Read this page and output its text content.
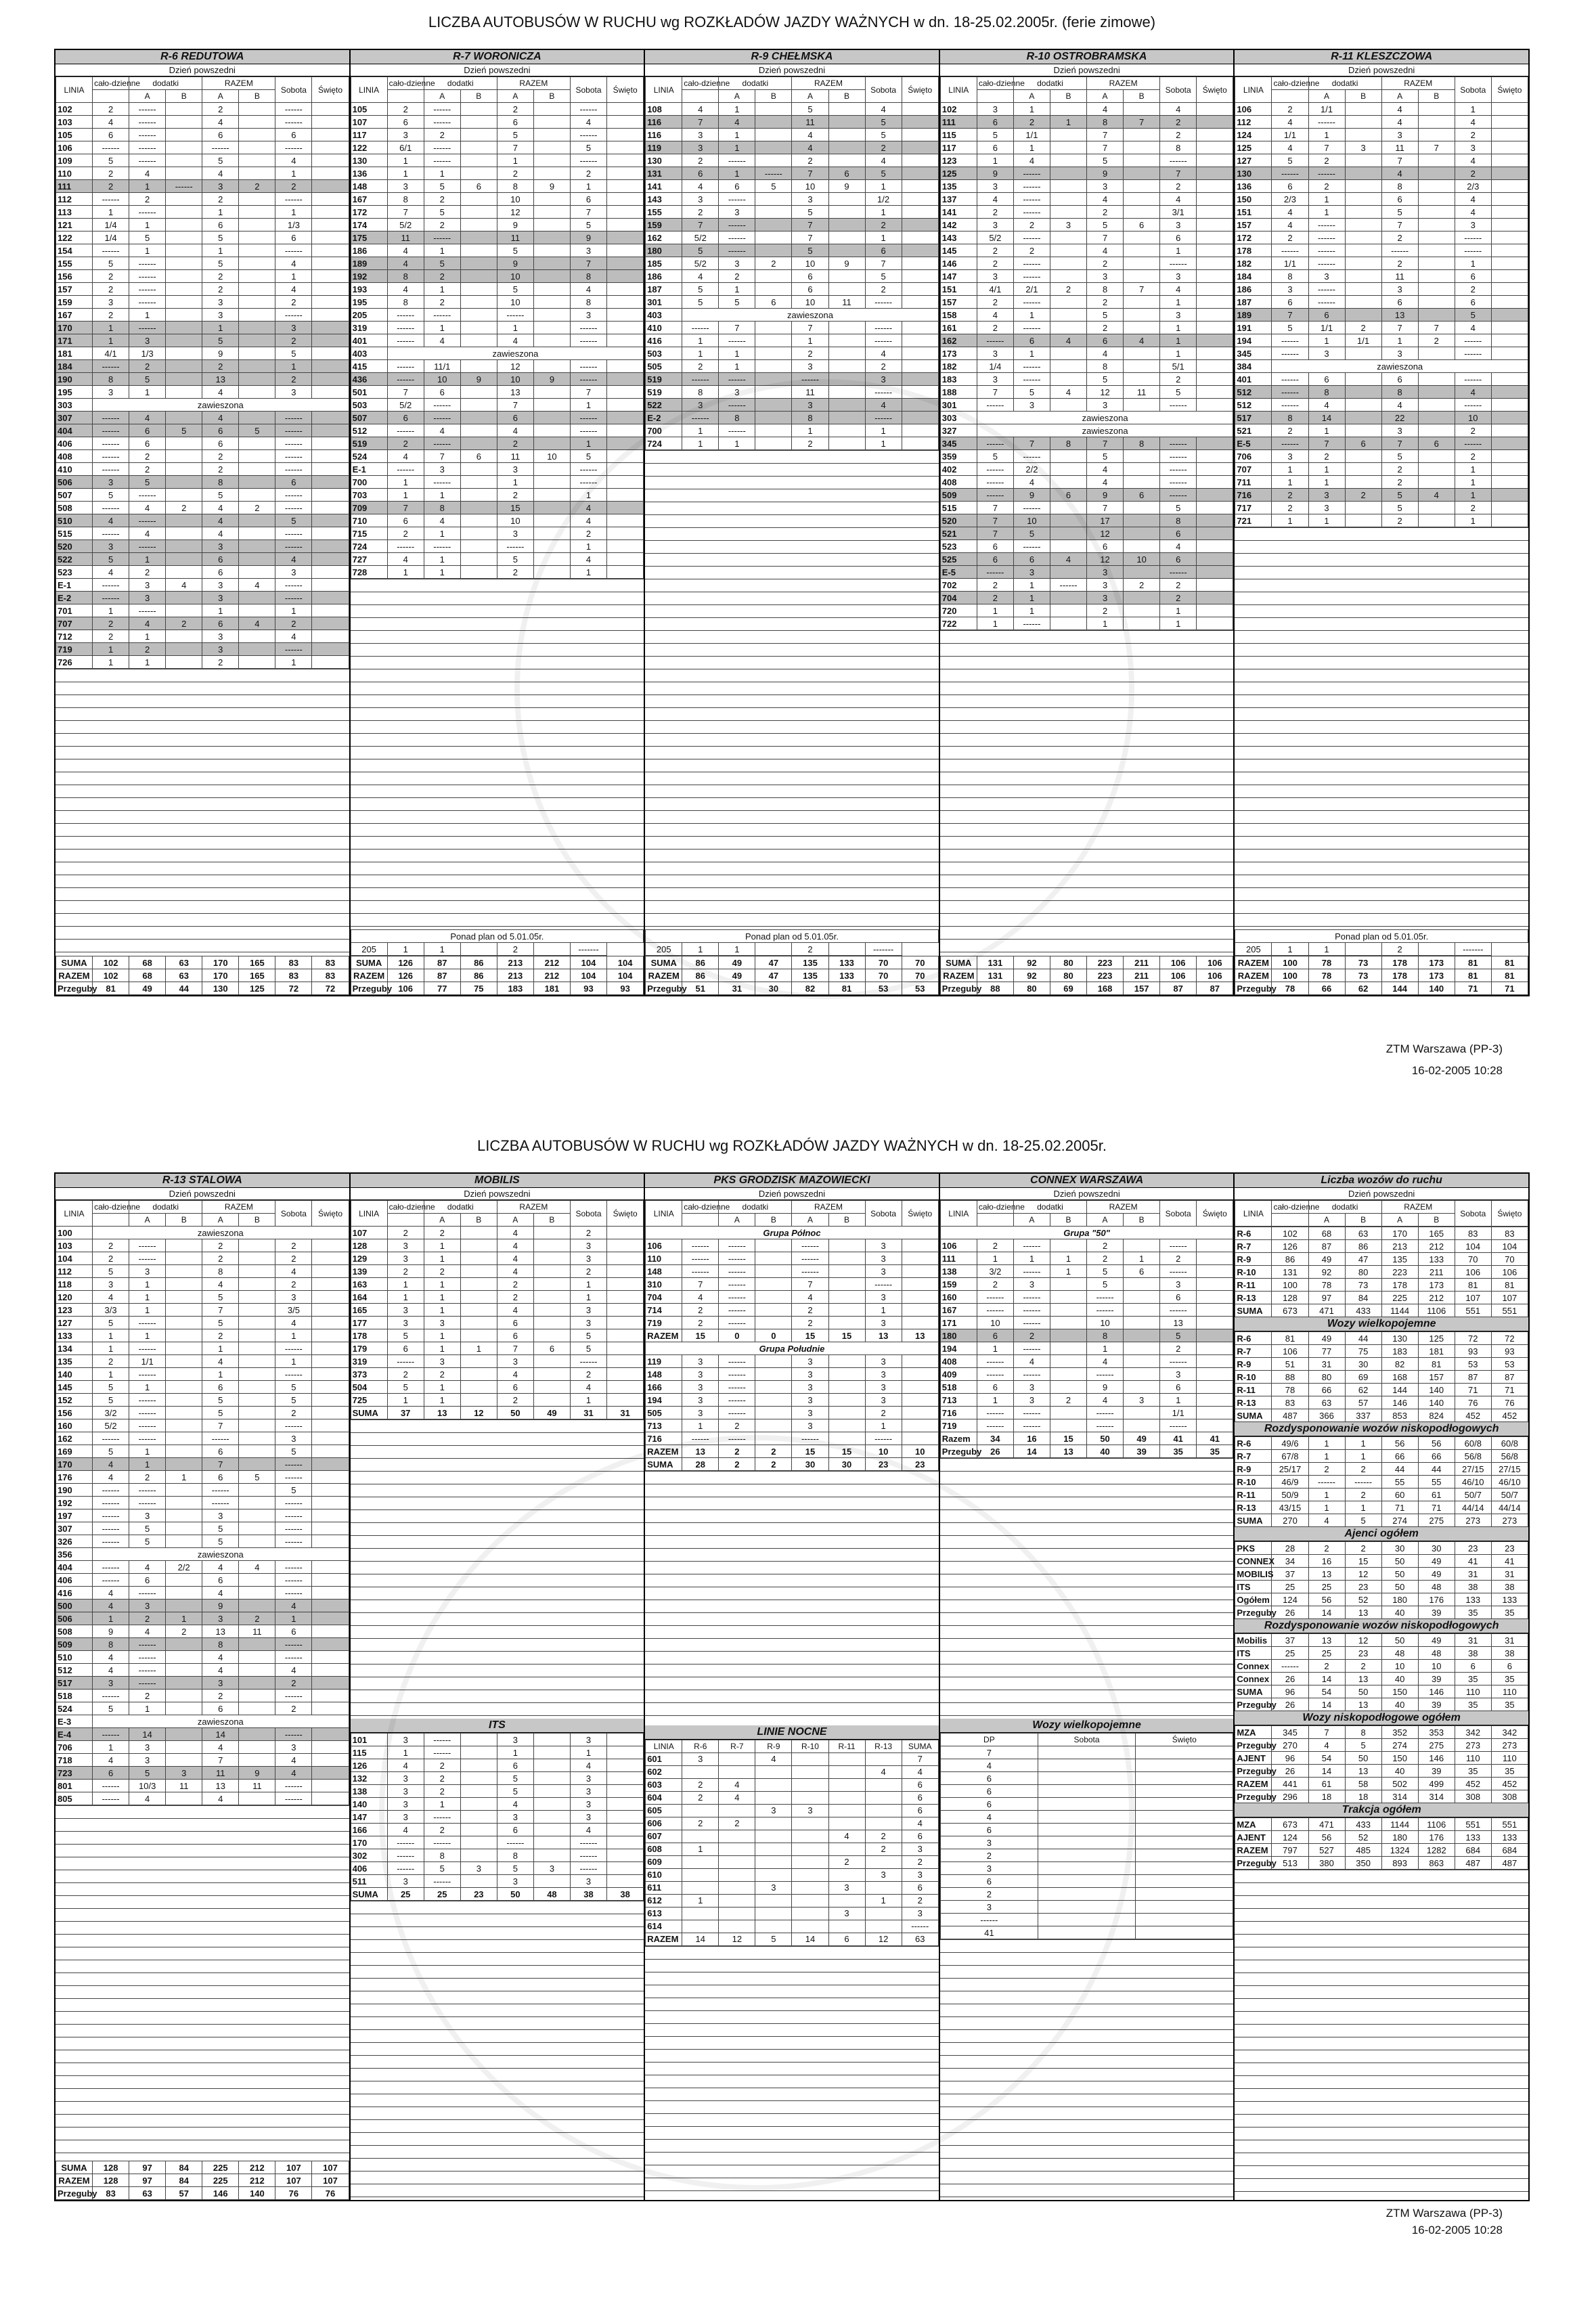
LICZBA AUTOBUSÓW W RUCHU wg ROZKŁADÓW JAZDY WAŻNYCH w dn. 18-25.02.2005r. (ferie zimowe)
R-6 REDUTOWA
Dzień powszedni
LINIA	cało-dzienne	dodatki		RAZEM		Sobota	Święto
		A	B	A	B		
102	2	------		2		------	
103	4	------		4		------	
105	6	------		6		6	
106	------	------		------		------	
109	5	------		5		4	
110	2	4		4		1	
111	2	1	------	3	2	2	
112	------	2		2		------	
113	1	------		1		1	
121	1/4	1		6		1/3	
122	1/4	5		5		6	
154	------	1		1		------	
155	5	------		5		4	
156	2	------		2		1	
157	2	------		2		4	
159	3	------		3		2	
167	2	1		3		------	
170	1	------		1		3	
171	1	3		5		2	
181	4/1	1/3		9		5	
184	------	2		2		1	
190	8	5		13		2	
195	3	1		4		3	
303	zawieszona						
307	------	4		4		------	
404	------	6	5	6	5	------	
406	------	6		6		------	
408	------	2		2		------	
410	------	2		2		------	
506	3	5		8		6	
507	5	------		5		------	
508	------	4	2	4	2	------	
510	4	------		4		5	
515	------	4		4		------	
520	3	------		3		------	
522	5	1		6		4	
523	4	2		6		3	
E-1	------	3	4	3	4	------	
E-2	------	3		3		------	
701	1	------		1		1	
707	2	4	2	6	4	2	
712	2	1		3		4	
719	1	2		3		------	
726	1	1		2		1	
SUMA	102	68	63	170	165	83	83
RAZEM	102	68	63	170	165	83	83
Przeguby	81	49	44	130	125	72	72
R-7 WORONICZA
Dzień powszedni
LINIA	cało-dzienne	dodatki		RAZEM		Sobota	Święto
		A	B	A	B		
105	2	------		2		------	
107	6	------		6		4	
117	3	2		5		------	
122	6/1	------		7		5	
130	1	------		1		------	
136	1	1		2		2	
148	3	5	6	8	9	1	
167	8	2		10		6	
172	7	5		12		7	
174	5/2	2		9		5	
175	11	------		11		9	
186	4	1		5		3	
189	4	5		9		7	
192	8	2		10		8	
193	4	1		5		4	
195	8	2		10		8	
205	------	------		------		3	
319	------	1		1		------	
401	------	4		4		------	
403	zawieszona						
415	------	11/1		12		------	
436	------	10	9	10	9	------	
501	7	6		13		7	
503	5/2	------		7		1	
507	6	------		6		------	
512	------	4		4		------	
519	2	------		2		1	
524	4	7	6	11	10	5	
E-1	------	3		3		------	
700	1	------		1		------	
703	1	1		2		1	
709	7	8		15		4	
710	6	4		10		4	
715	2	1		3		2	
724	------	------		------		1	
727	4	1		5		4	
728	1	1		2		1	
Ponad plan od 5.01.05r.
205	1	1		2		-------
SUMA	126	87	86	213	212	104	104
RAZEM	126	87	86	213	212	104	104
Przeguby	106	77	75	183	181	93	93
R-9 CHEŁMSKA
Dzień powszedni
LINIA	cało-dzienne	dodatki		RAZEM		Sobota	Święto
		A	B	A	B		
108	4	1		5		4	
116	7	4		11		5	
116	3	1		4		5	
119	3	1		4		2	
130	2	------		2		4	
131	6	1	------	7	6	5	
141	4	6	5	10	9	1	
143	3	------		3		1/2	
155	2	3		5		1	
159	7	------		7		2	
162	5/2	------		7		1	
180	5	------		5		6	
185	5/2	3	2	10	9	7	
186	4	2		6		5	
187	5	1		6		2	
301	5	5	6	10	11	------	
403	zawieszona						
410	------	7		7		------	
416	1	------		1		------	
503	1	1		2		4	
505	2	1		3		2	
519	------	------		------		3	
519	8	3		11		------	
522	3	------		3		4	
E-2	------	8		8		------	
700	1	------		1		1	
724	1	1		2		1	
Ponad plan od 5.01.05r.
205	1	1		2		-------
SUMA	86	49	47	135	133	70	70
RAZEM	86	49	47	135	133	70	70
Przeguby	51	31	30	82	81	53	53
R-10 OSTROBRAMSKA
Dzień powszedni
LINIA	cało-dzienne	dodatki		RAZEM		Sobota	Święto
		A	B	A	B		
102	3	1		4		4	
111	6	2	1	8	7	2	
115	5	1/1		7		2	
117	6	1		7		8	
123	1	4		5		------	
125	9	------		9		7	
135	3	------		3		2	
137	4	------		4		4	
141	2	------		2		3/1	
142	3	2	3	5	6	3	
143	5/2	------		7		6	
145	2	2		4		1	
146	2	------		2		------	
147	3	------		3		3	
151	4/1	2/1	2	8	7	4	
157	2	------		2		1	
158	4	1		5		3	
161	2	------		2		1	
162	------	6	4	6	4	1	
173	3	1		4		1	
182	1/4	------		8		5/1	
183	3	------		5		2	
188	7	5	4	12	11	5	
301	------	3		3		------	
303	zawieszona						
327	zawieszona						
345	------	7	8	7	8	------	
359	5	------		5		------	
402	------	2/2		4		------	
408	------	4		4		------	
509	------	9	6	9	6	------	
515	7	------		7		5	
520	7	10		17		8	
521	7	5		12		6	
523	6	------		6		4	
525	6	6	4	12	10	6	
E-5	------	3		3		------	
702	2	1	------	3	2	2	
704	2	1		3		2	
720	1	1		2		1	
722	1	------		1		1	
SUMA	131	92	80	223	211	106	106
RAZEM	131	92	80	223	211	106	106
Przeguby	88	80	69	168	157	87	87
R-11 KLESZCZOWA
Dzień powszedni
LINIA	cało-dzienne	dodatki		RAZEM		Sobota	Święto
		A	B	A	B		
106	2	1/1		4		1	
112	4	------		4		4	
124	1/1	1		3		2	
125	4	7	3	11	7	3	
127	5	2		7		4	
130	------	------		4		2	
136	6	2		8		2/3	
150	2/3	1		6		4	
151	4	1		5		4	
157	4	------		7		3	
172	2	------		2		------	
178	------	------		------		------	
182	1/1	------		2		1	
184	8	3		11		6	
186	3	------		3		2	
187	6	------		6		6	
189	7	6		13		5	
191	5	1/1	2	7	7	4	
194	------	1	1/1	1	2	------	
345	------	3		3		------	
384	zawieszona						
401	------	6		6		------	
512	------	8		8		4	
512	------	4		4		------	
517	8	14		22		10	
521	2	1		3		2	
E-5	------	7	6	7	6	------	
706	3	2		5		2	
707	1	1		2		1	
711	1	1		2		1	
716	2	3	2	5	4	1	
717	2	3		5		2	
721	1	1		2		1	
Ponad plan od 5.01.05r.
205	1	1		2		-------
RAZEM	100	78	73	178	173	81	81
RAZEM	100	78	73	178	173	81	81
Przeguby	78	66	62	144	140	71	71
ZTM Warszawa (PP-3)
16-02-2005 10:28
LICZBA AUTOBUSÓW W RUCHU wg ROZKŁADÓW JAZDY WAŻNYCH w dn. 18-25.02.2005r.
R-13 STALOWA
Dzień powszedni
LINIA	cało-dzienne	dodatki		RAZEM		Sobota	Święto
		A	B	A	B		
100	zawieszona						
103	2	------		2		2	
104	2	------		2		2	
112	5	3		8		4	
118	3	1		4		2	
120	4	1		5		3	
123	3/3	1		7		3/5	
127	5	------		5		4	
133	1	1		2		1	
134	1	------		1		------	
135	2	1/1		4		1	
140	1	------		1		------	
145	5	1		6		5	
152	5	------		5		5	
156	3/2	------		5		2	
160	5/2	------		7		------	
162	------	------		------		3	
169	5	1		6		5	
170	4	1		7		------	
176	4	2	1	6	5	------	
190	------	------		------		5	
192	------	------		------		------	
197	------	3		3		------	
307	------	5		5		------	
326	------	5		5		------	
356	zawieszona						
404	------	4	2/2	4	4	------	
406	------	6		6		------	
416	4	------		4		------	
500	4	3		9		4	
506	1	2	1	3	2	1	
508	9	4	2	13	11	6	
509	8	------		8		------	
510	4	------		4		------	
512	4	------		4		4	
517	3	------		3		2	
518	------	2		2		------	
524	5	1		6		2	
E-3	zawieszona						
E-4	------	14		14		------	
706	1	3		4		3	
718	4	3		7		4	
723	6	5	3	11	9	4	
801	------	10/3	11	13	11	------	
805	------	4		4		------	
SUMA	128	97	84	225	212	107	107
RAZEM	128	97	84	225	212	107	107
Przeguby	83	63	57	146	140	76	76
MOBILIS
Dzień powszedni
LINIA	cało-dzienne	dodatki		RAZEM		Sobota	Święto
		A	B	A	B		
107	2	2		4		2	
128	3	1		4		3	
129	3	1		4		3	
139	2	2		4		2	
163	1	1		2		1	
164	1	1		2		1	
165	3	1		4		3	
177	3	3		6		3	
178	5	1		6		5	
179	6	1	1	7	6	5	
319	------	3		3		------	
373	2	2		4		2	
504	5	1		6		4	
725	1	1		2		1	
SUMA	37	13	12	50	49	31	31
ITS
101	3	------		3		3	
115	1	------		1		1	
126	4	2		6		4	
132	3	2		5		3	
138	3	2		5		3	
140	3	1		4		3	
147	3	------		3		3	
166	4	2		6		4	
170	------	------		------		------	
302	------	8		8		------	
406	------	5	3	5	3	------	
511	3	------		3		3	
SUMA	25	25	23	50	48	38	38
PKS GRODZISK MAZOWIECKI
Dzień powszedni
LINIA	cało-dzienne	dodatki		RAZEM		Sobota	Święto
		A	B	A	B		
Grupa Północ							
106	------	------		------		3	
110	------	------		------		3	
148	------	------		------		3	
310	7	------		7		------	
704	4	------		4		3	
714	2	------		2		1	
719	2	------		2		3	
RAZEM	15	0	0	15	15	13	13
Grupa Południe							
119	3	------		3		3	
148	3	------		3		3	
166	3	------		3		3	
194	3	------		3		3	
505	3	------		3		2	
713	1	2		3		1	
716	------	------		------		------	
RAZEM	13	2	2	15	15	10	10
SUMA	28	2	2	30	30	23	23
LINIE NOCNE
LINIA	R-6	R-7	R-9	R-10	R-11	R-13	SUMA
601	3		4				7
602						4	4
603	2	4					6
604	2	4					6
605			3	3			6
606	2	2					4
607					4	2	6
608	1					2	3
609					2		2
610						3	3
611			3		3		6
612	1					1	2
613					3		3
614							------
RAZEM	14	12	5	14	6	12	63
CONNEX WARSZAWA
Dzień powszedni
LINIA	cało-dzienne	dodatki		RAZEM		Sobota	Święto
		A	B	A	B		
Grupa "50"							
106	2	------		2		------	
111	1	1	1	2	1	2	
138	3/2	------	1	5	6	------	
159	2	3		5		3	
160	------	------		------		6	
167	------	------		------		------	
171	10	------		10		13	
180	6	2		8		5	
194	1	------		1		2	
408	------	4		4		------	
409	------	------		------		3	
518	6	3		9		6	
713	1	3	2	4	3	1	
716	------	------		------		1/1	
719	------	------		------		------	
Razem	34	16	15	50	49	41	41
Przeguby	26	14	13	40	39	35	35
Wozy wielkopojemne
DP	Sobota	Święto
7		
4		
6		
6		
6		
4		
6		
3		
2		
3		
6		
2		
3		
------		
41		
Liczba wozów do ruchu
Dzień powszedni
LINIA	cało-dzienne	dodatki		RAZEM		Sobota	Święto
		A	B	A	B		
R-6	102	68	63	170	165	83	83
R-7	126	87	86	213	212	104	104
R-9	86	49	47	135	133	70	70
R-10	131	92	80	223	211	106	106
R-11	100	78	73	178	173	81	81
R-13	128	97	84	225	212	107	107
SUMA	673	471	433	1144	1106	551	551
Wozy wielkopojemne
R-6	81	49	44	130	125	72	72
R-7	106	77	75	183	181	93	93
R-9	51	31	30	82	81	53	53
R-10	88	80	69	168	157	87	87
R-11	78	66	62	144	140	71	71
R-13	83	63	57	146	140	76	76
SUMA	487	366	337	853	824	452	452
Rozdysponowanie wozów niskopodłogowych
R-6	49/6	1	1	56	56	60/8	60/8
R-7	67/8	1	1	66	66	56/8	56/8
R-9	25/17	2	2	44	44	27/15	27/15
R-10	46/9	------	------	55	55	46/10	46/10
R-11	50/9	1	2	60	61	50/7	50/7
R-13	43/15	1	1	71	71	44/14	44/14
SUMA	270	4	5	274	275	273	273
Ajenci ogółem
PKS	28	2	2	30	30	23	23
CONNEX	34	16	15	50	49	41	41
MOBILIS	37	13	12	50	49	31	31
ITS	25	25	23	50	48	38	38
Ogółem	124	56	52	180	176	133	133
Przeguby	26	14	13	40	39	35	35
Rozdysponowanie wozów niskopodłogowych
Mobilis	37	13	12	50	49	31	31
ITS	25	25	23	48	48	38	38
Connex	------	2	2	10	10	6	6
Connex	26	14	13	40	39	35	35
SUMA	96	54	50	150	146	110	110
Przeguby	26	14	13	40	39	35	35
Wozy niskopodłogowe ogółem
MZA	345	7	8	352	353	342	342
Przeguby	270	4	5	274	275	273	273
AJENT	96	54	50	150	146	110	110
Przeguby	26	14	13	40	39	35	35
RAZEM	441	61	58	502	499	452	452
Przeguby	296	18	18	314	314	308	308
Trakcja ogółem
MZA	673	471	433	1144	1106	551	551
AJENT	124	56	52	180	176	133	133
RAZEM	797	527	485	1324	1282	684	684
Przeguby	513	380	350	893	863	487	487
ZTM Warszawa (PP-3)
16-02-2005 10:28
